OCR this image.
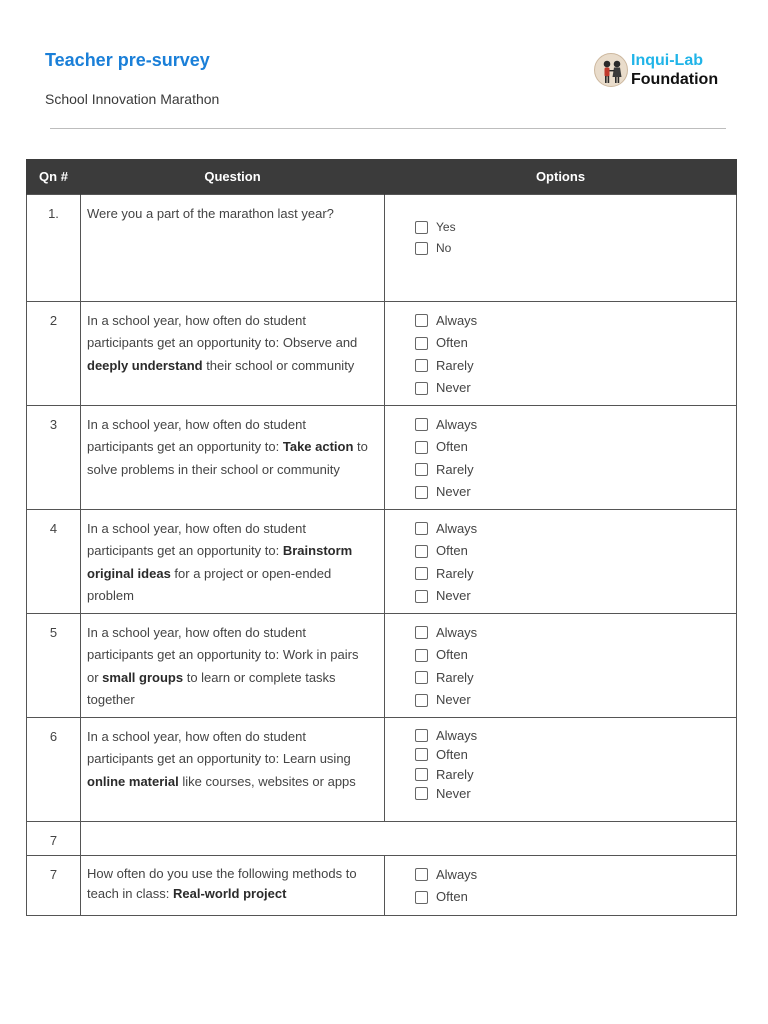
Teacher pre-survey
School Innovation Marathon
Inqui-Lab
Foundation
Qn #	Question	Options
1.	Were you a part of the marathon last year?	Yes
No

2	In a school year, how often do student participants get an opportunity to: Observe and deeply understand their school or community	Always
Often
Rarely
Never

3	In a school year, how often do student participants get an opportunity to: Take action to solve problems in their school or community	Always
Often
Rarely
Never

4	In a school year, how often do student participants get an opportunity to: Brainstorm original ideas for a project or open-ended problem	Always
Often
Rarely
Never

5	In a school year, how often do student participants get an opportunity to: Work in pairs or small groups to learn or complete tasks together	Always
Often
Rarely
Never

6	In a school year, how often do student participants get an opportunity to: Learn using online material like courses, websites or apps	Always
Often
Rarely
Never

7		
7	How often do you use the following methods to teach in class: Real-world project	Always
Often
